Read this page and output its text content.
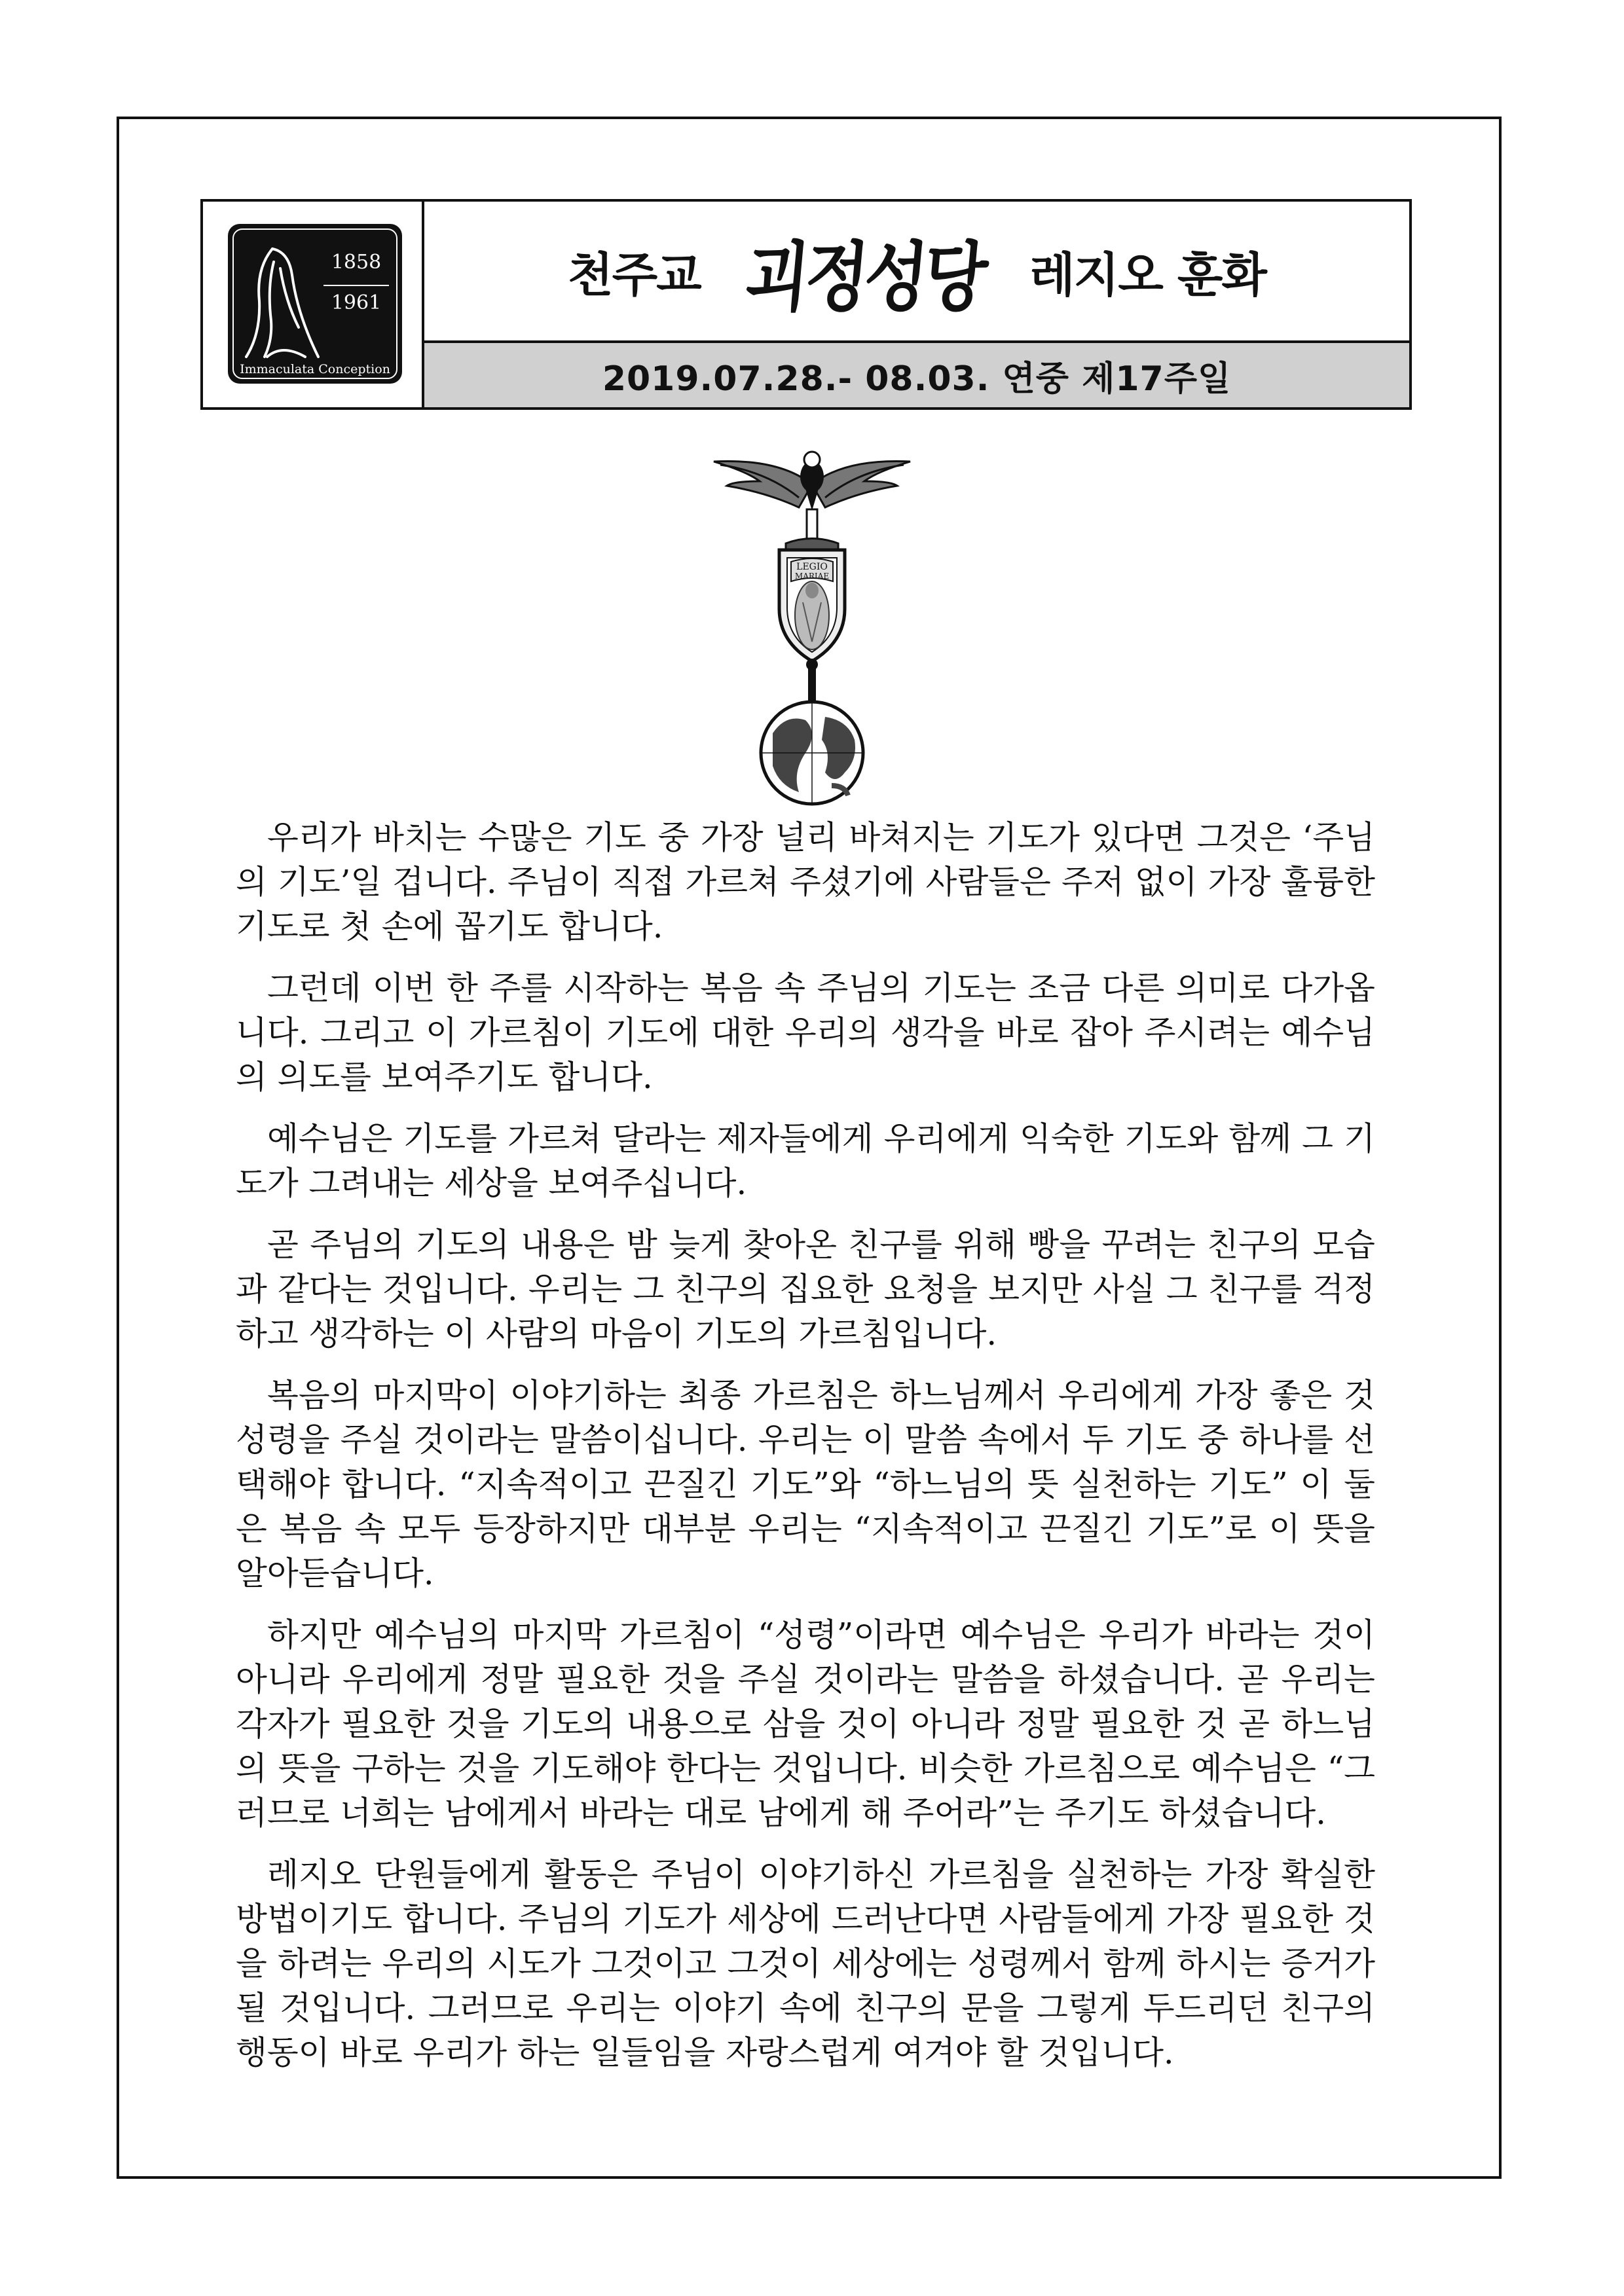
1858
1961
Immaculata Conception
천주교 괴정성당 레지오 훈화
2019.07.28.- 08.03. 연중 제17주일
LEGIO
MARIAE

우리가 바치는 수많은 기도 중 가장 널리 바쳐지는 기도가 있다면 그것은 ‘주님의 기도’일 겁니다. 주님이 직접 가르쳐 주셨기에 사람들은 주저 없이 가장 훌륭한 기도로 첫 손에 꼽기도 합니다.

그런데 이번 한 주를 시작하는 복음 속 주님의 기도는 조금 다른 의미로 다가옵니다. 그리고 이 가르침이 기도에 대한 우리의 생각을 바로 잡아 주시려는 예수님의 의도를 보여주기도 합니다.

예수님은 기도를 가르쳐 달라는 제자들에게 우리에게 익숙한 기도와 함께 그 기도가 그려내는 세상을 보여주십니다.

곧 주님의 기도의 내용은 밤 늦게 찾아온 친구를 위해 빵을 꾸려는 친구의 모습과 같다는 것입니다. 우리는 그 친구의 집요한 요청을 보지만 사실 그 친구를 걱정하고 생각하는 이 사람의 마음이 기도의 가르침입니다.

복음의 마지막이 이야기하는 최종 가르침은 하느님께서 우리에게 가장 좋은 것 성령을 주실 것이라는 말씀이십니다. 우리는 이 말씀 속에서 두 기도 중 하나를 선택해야 합니다. “지속적이고 끈질긴 기도”와 “하느님의 뜻 실천하는 기도” 이 둘은 복음 속 모두 등장하지만 대부분 우리는 “지속적이고 끈질긴 기도”로 이 뜻을 알아듣습니다.

하지만 예수님의 마지막 가르침이 “성령”이라면 예수님은 우리가 바라는 것이 아니라 우리에게 정말 필요한 것을 주실 것이라는 말씀을 하셨습니다. 곧 우리는 각자가 필요한 것을 기도의 내용으로 삼을 것이 아니라 정말 필요한 것 곧 하느님의 뜻을 구하는 것을 기도해야 한다는 것입니다. 비슷한 가르침으로 예수님은 “그러므로 너희는 남에게서 바라는 대로 남에게 해 주어라”는 주기도 하셨습니다.

레지오 단원들에게 활동은 주님이 이야기하신 가르침을 실천하는 가장 확실한 방법이기도 합니다. 주님의 기도가 세상에 드러난다면 사람들에게 가장 필요한 것을 하려는 우리의 시도가 그것이고 그것이 세상에는 성령께서 함께 하시는 증거가 될 것입니다. 그러므로 우리는 이야기 속에 친구의 문을 그렇게 두드리던 친구의 행동이 바로 우리가 하는 일들임을 자랑스럽게 여겨야 할 것입니다.
